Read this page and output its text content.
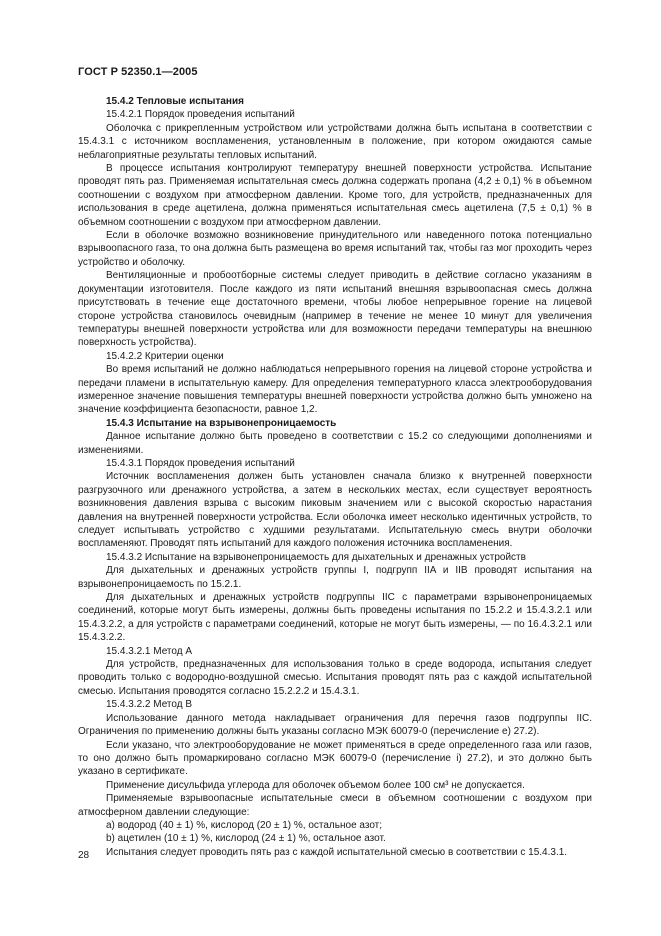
ГОСТ Р 52350.1—2005

15.4.2 Тепловые испытания

15.4.2.1 Порядок проведения испытаний

Оболочка с прикрепленным устройством или устройствами должна быть испытана в соответствии с 15.4.3.1 с источником воспламенения, установленным в положение, при котором ожидаются самые неблагоприятные результаты тепловых испытаний.

В процессе испытания контролируют температуру внешней поверхности устройства. Испытание проводят пять раз. Применяемая испытательная смесь должна содержать пропана (4,2 ± 0,1) % в объемном соотношении с воздухом при атмосферном давлении. Кроме того, для устройств, предназначенных для использования в среде ацетилена, должна применяться испытательная смесь ацетилена (7,5 ± 0,1) % в объемном соотношении с воздухом при атмосферном давлении.

Если в оболочке возможно возникновение принудительного или наведенного потока потенциально взрывоопасного газа, то она должна быть размещена во время испытаний так, чтобы газ мог проходить через устройство и оболочку.

Вентиляционные и пробоотборные системы следует приводить в действие согласно указаниям в документации изготовителя. После каждого из пяти испытаний внешняя взрывоопасная смесь должна присутствовать в течение еще достаточного времени, чтобы любое непрерывное горение на лицевой стороне устройства становилось очевидным (например в течение не менее 10 минут для увеличения температуры внешней поверхности устройства или для возможности передачи температуры на внешнюю поверхность устройства).

15.4.2.2 Критерии оценки

Во время испытаний не должно наблюдаться непрерывного горения на лицевой стороне устройства и передачи пламени в испытательную камеру. Для определения температурного класса электрооборудования измеренное значение повышения температуры внешней поверхности устройства должно быть умножено на значение коэффициента безопасности, равное 1,2.

15.4.3 Испытание на взрывонепроницаемость

Данное испытание должно быть проведено в соответствии с 15.2 со следующими дополнениями и изменениями.

15.4.3.1 Порядок проведения испытаний

Источник воспламенения должен быть установлен сначала близко к внутренней поверхности разгрузочного или дренажного устройства, а затем в нескольких местах, если существует вероятность возникновения давления взрыва с высоким пиковым значением или с высокой скоростью нарастания давления на внутренней поверхности устройства. Если оболочка имеет несколько идентичных устройств, то следует испытывать устройство с худшими результатами. Испытательную смесь внутри оболочки воспламеняют. Проводят пять испытаний для каждого положения источника воспламенения.

15.4.3.2 Испытание на взрывонепроницаемость для дыхательных и дренажных устройств

Для дыхательных и дренажных устройств группы I, подгрупп IIA и IIB проводят испытания на взрывонепроницаемость по 15.2.1.

Для дыхательных и дренажных устройств подгруппы IIC с параметрами взрывонепроницаемых соединений, которые могут быть измерены, должны быть проведены испытания по 15.2.2 и 15.4.3.2.1 или 15.4.3.2.2, а для устройств с параметрами соединений, которые не могут быть измерены, — по 16.4.3.2.1 или 15.4.3.2.2.

15.4.3.2.1 Метод А

Для устройств, предназначенных для использования только в среде водорода, испытания следует проводить только с водородно-воздушной смесью. Испытания проводят пять раз с каждой испытательной смесью. Испытания проводятся согласно 15.2.2.2 и 15.4.3.1.

15.4.3.2.2 Метод В

Использование данного метода накладывает ограничения для перечня газов подгруппы IIC. Ограничения по применению должны быть указаны согласно МЭК 60079-0 (перечисление е) 27.2).

Если указано, что электрооборудование не может применяться в среде определенного газа или газов, то оно должно быть промаркировано согласно МЭК 60079-0 (перечисление i) 27.2), и это должно быть указано в сертификате.

Применение дисульфида углерода для оболочек объемом более 100 см³ не допускается.

Применяемые взрывоопасные испытательные смеси в объемном соотношении с воздухом при атмосферном давлении следующие:

а) водород (40 ± 1) %, кислород (20 ± 1) %, остальное азот;

b) ацетилен (10 ± 1) %, кислород (24 ± 1) %, остальное азот.

Испытания следует проводить пять раз с каждой испытательной смесью в соответствии с 15.4.3.1.

28
